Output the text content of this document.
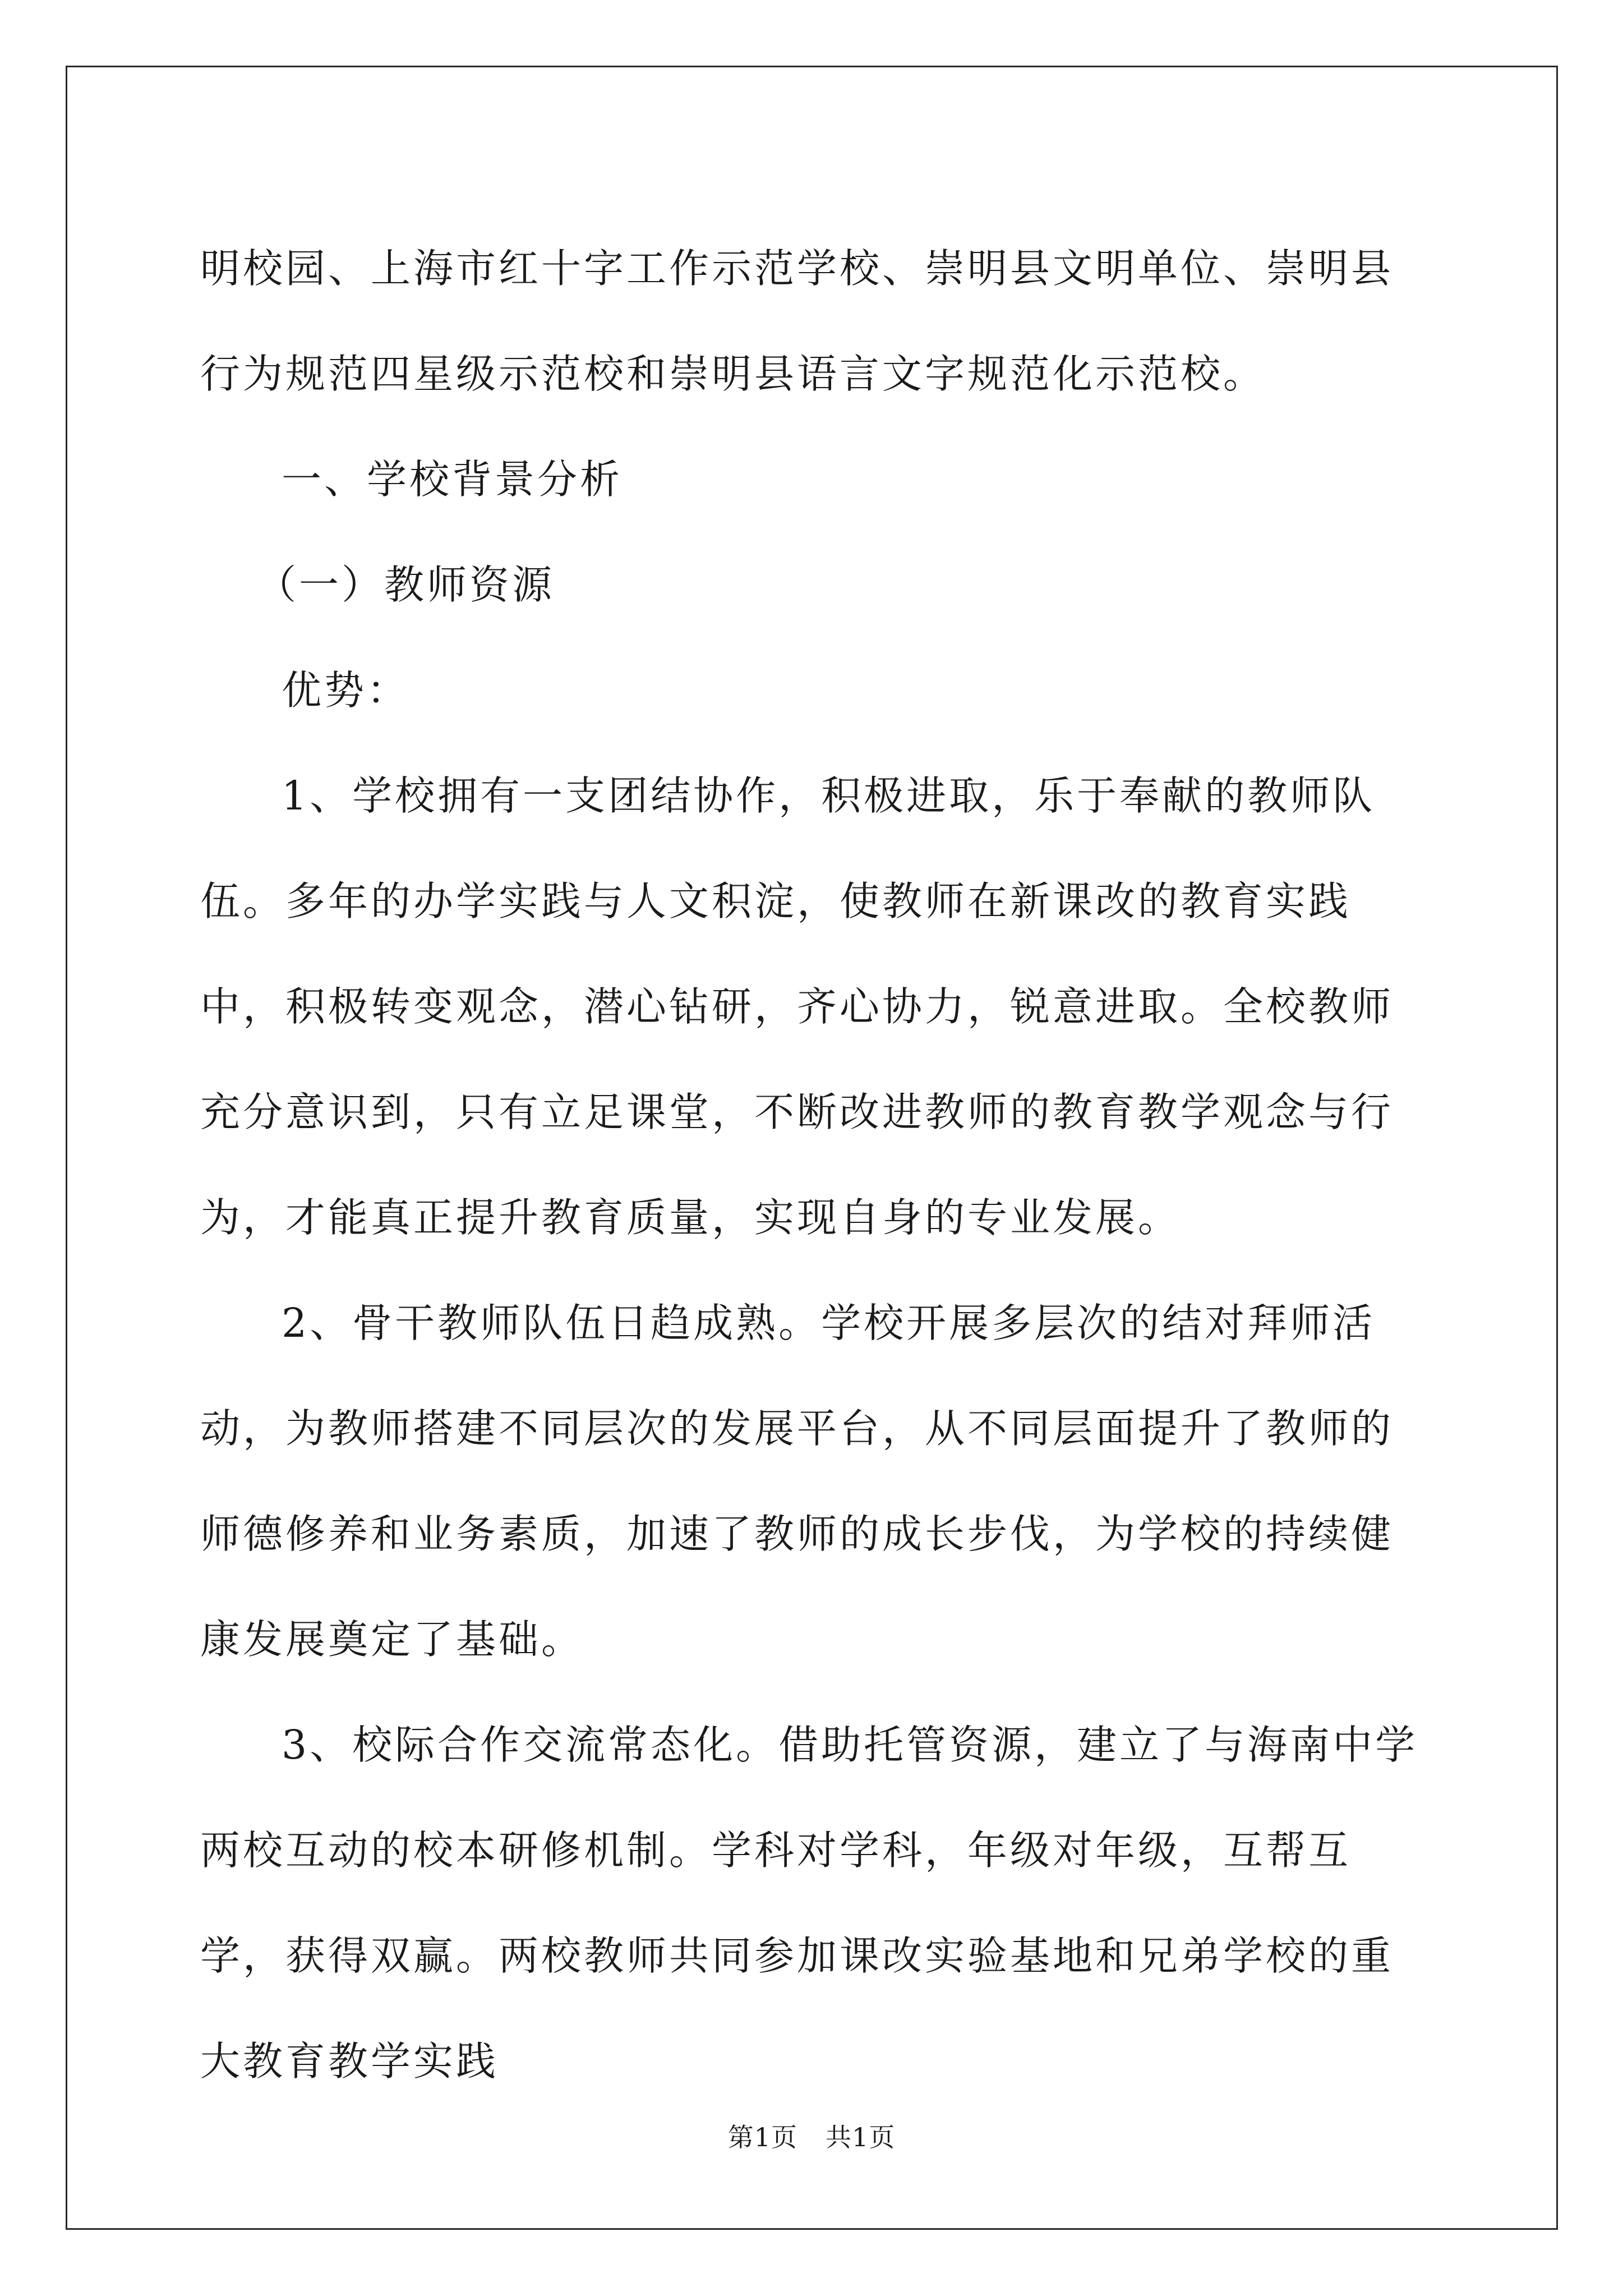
明校园、上海市红十字工作示范学校、崇明县文明单位、崇明县行为规范四星级示范校和崇明县语言文字规范化示范校。

一、学校背景分析

（一）教师资源

优势：

1、学校拥有一支团结协作，积极进取，乐于奉献的教师队伍。多年的办学实践与人文积淀，使教师在新课改的教育实践中，积极转变观念，潜心钻研，齐心协力，锐意进取。全校教师充分意识到，只有立足课堂，不断改进教师的教育教学观念与行为，才能真正提升教育质量，实现自身的专业发展。

2、骨干教师队伍日趋成熟。学校开展多层次的结对拜师活动，为教师搭建不同层次的发展平台，从不同层面提升了教师的师德修养和业务素质，加速了教师的成长步伐，为学校的持续健康发展奠定了基础。

3、校际合作交流常态化。借助托管资源，建立了与海南中学两校互动的校本研修机制。学科对学科，年级对年级，互帮互学，获得双赢。两校教师共同参加课改实验基地和兄弟学校的重大教育教学实践

第1页 共1页
